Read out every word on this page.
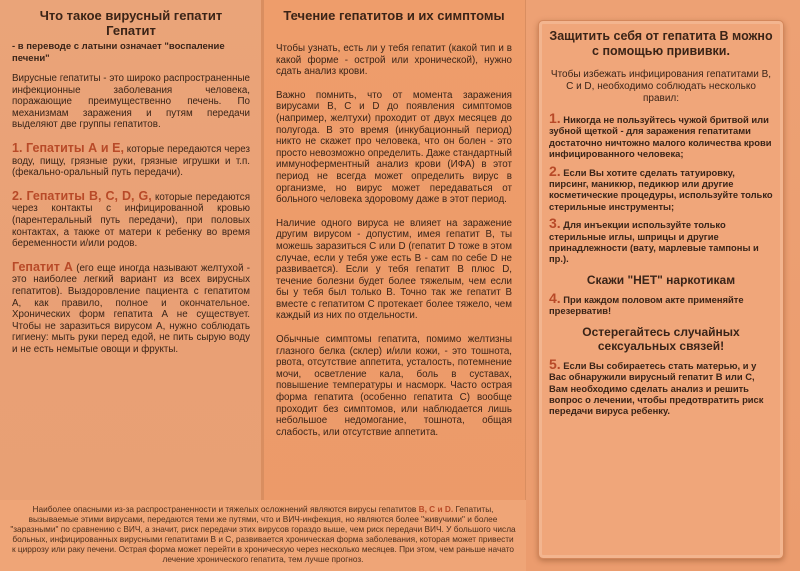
Что такое вирусный гепатит
Гепатит
- в переводе с латыни означает "воспаление печени"

Вирусные гепатиты - это широко распространенные инфекционные заболевания человека, поражающие преимущественно печень. По механизмам заражения и путям передачи выделяют две группы гепатитов.

1. Гепатиты А и Е, которые передаются через воду, пищу, грязные руки, грязные игрушки и т.п. (фекально-оральный путь передачи).

2. Гепатиты В, С, D, G, которые передаются через контакты с инфицированной кровью (парентеральный путь передачи), при половых контактах, а также от матери к ребенку во время беременности и/или родов.

Гепатит А (его еще иногда называют желтухой - это наиболее легкий вариант из всех вирусных гепатитов). Выздоровление пациента с гепатитом А, как правило, полное и окончательное. Хронических форм гепатита А не существует. Чтобы не заразиться вирусом А, нужно соблюдать гигиену: мыть руки перед едой, не пить сырую воду и не есть немытые овощи и фрукты.

Течение гепатитов и их симптомы

Чтобы узнать, есть ли у тебя гепатит (какой тип и в какой форме - острой или хронической), нужно сдать анализ крови.

Важно помнить, что от момента заражения вирусами В, С и D до появления симптомов (например, желтухи) проходит от двух месяцев до полугода. В это время (инкубационный период) никто не скажет про человека, что он болен - это просто невозможно определить. Даже стандартный иммуноферментный анализ крови (ИФА) в этот период не всегда может определить вирус в организме, но вирус может передаваться от больного человека здоровому даже в этот период.

Наличие одного вируса не влияет на заражение другим вирусом - допустим, имея гепатит В, ты можешь заразиться С или D (гепатит D тоже в этом случае, если у тебя уже есть В - сам по себе D не развивается). Если у тебя гепатит В плюс D, течение болезни будет более тяжелым, чем если бы у тебя был только В. Точно так же гепатит В вместе с гепатитом С протекает более тяжело, чем каждый из них по отдельности.

Обычные симптомы гепатита, помимо желтизны глазного белка (склер) и/или кожи, - это тошнота, рвота, отсутствие аппетита, усталость, потемнение мочи, осветление кала, боль в суставах, повышение температуры и насморк. Часто острая форма гепатита (особенно гепатита С) вообще проходит без симптомов, или наблюдается лишь небольшое недомогание, тошнота, общая слабость, или отсутствие аппетита.

Наиболее опасными из-за распространенности и тяжелых осложнений являются вирусы гепатитов В, С и D. Гепатиты, вызываемые этими вирусами, передаются теми же путями, что и ВИЧ-инфекция, но являются более "живучими" и более "заразными" по сравнению с ВИЧ, а значит, риск передачи этих вирусов гораздо выше, чем риск передачи ВИЧ. У большого числа больных, инфицированных вирусными гепатитами В и С, развивается хроническая форма заболевания, которая может привести к циррозу или раку печени. Острая форма может перейти в хроническую через несколько месяцев. При этом, чем раньше начато лечение хронического гепатита, тем лучше прогноз.
Защитить себя от гепатита В можно с помощью прививки.
Чтобы избежать инфицирования гепатитами В, С и D, необходимо соблюдать несколько правил:
1. Никогда не пользуйтесь чужой бритвой или зубной щеткой - для заражения гепатитами достаточно ничтожно малого количества крови инфицированного человека;
2. Если Вы хотите сделать татуировку, пирсинг, маникюр, педикюр или другие косметические процедуры, используйте только стерильные инструменты;
3. Для инъекции используйте только стерильные иглы, шприцы и другие принадлежности (вату, марлевые тампоны и пр.).
Скажи "НЕТ" наркотикам
4. При каждом половом акте применяйте презерватив!
Остерегайтесь случайных сексуальных связей!
5. Если Вы собираетесь стать матерью, и у Вас обнаружили вирусный гепатит В или С, Вам необходимо сделать анализ и решить вопрос о лечении, чтобы предотвратить риск передачи вируса ребенку.
